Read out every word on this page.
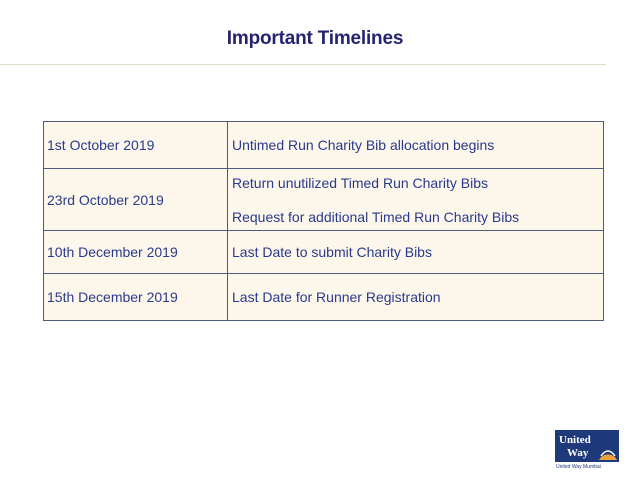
Important Timelines
1st October 2019	Untimed Run Charity Bib allocation begins

23rd October 2019	Return unutilized Timed Run Charity Bibs
Request for additional Timed Run Charity Bibs

10th December 2019	Last Date to submit Charity Bibs

15th December 2019	Last Date for Runner Registration
United
Way
United Way Mumbai
